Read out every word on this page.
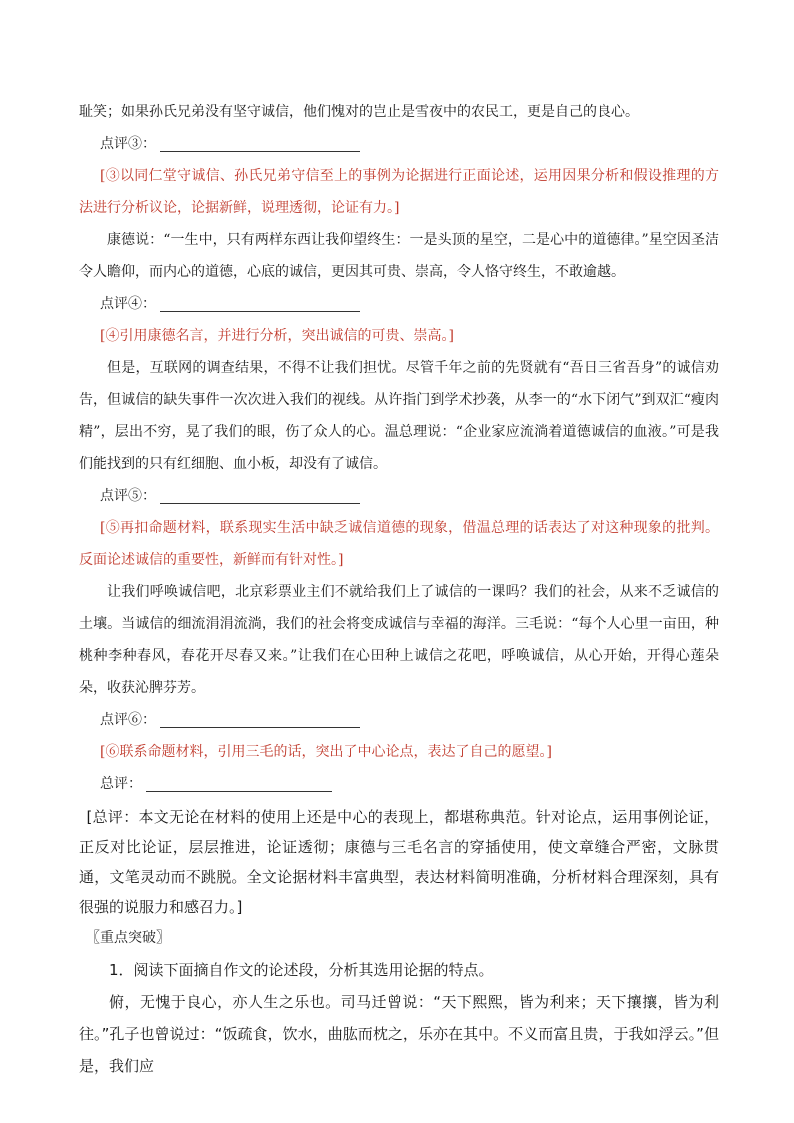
耻笑；如果孙氏兄弟没有坚守诚信，他们愧对的岂止是雪夜中的农民工，更是自己的良心。

点评③：

[③以同仁堂守诚信、孙氏兄弟守信至上的事例为论据进行正面论述，运用因果分析和假设推理的方法进行分析议论，论据新鲜，说理透彻，论证有力。]

康德说：“一生中，只有两样东西让我仰望终生：一是头顶的星空，二是心中的道德律。”星空因圣洁令人瞻仰，而内心的道德，心底的诚信，更因其可贵、崇高，令人恪守终生，不敢逾越。

点评④：

[④引用康德名言，并进行分析，突出诚信的可贵、崇高。]

但是，互联网的调查结果，不得不让我们担忧。尽管千年之前的先贤就有“吾日三省吾身”的诚信劝告，但诚信的缺失事件一次次进入我们的视线。从许指门到学术抄袭，从李一的“水下闭气”到双汇“瘦肉精”，层出不穷，晃了我们的眼，伤了众人的心。温总理说：“企业家应流淌着道德诚信的血液。”可是我们能找到的只有红细胞、血小板，却没有了诚信。

点评⑤：

[⑤再扣命题材料，联系现实生活中缺乏诚信道德的现象，借温总理的话表达了对这种现象的批判。反面论述诚信的重要性，新鲜而有针对性。]

让我们呼唤诚信吧，北京彩票业主们不就给我们上了诚信的一课吗？我们的社会，从来不乏诚信的土壤。当诚信的细流涓涓流淌，我们的社会将变成诚信与幸福的海洋。三毛说：“每个人心里一亩田，种桃种李种春风，春花开尽春又来。”让我们在心田种上诚信之花吧，呼唤诚信，从心开始，开得心莲朵朵，收获沁脾芬芳。

点评⑥：

[⑥联系命题材料，引用三毛的话，突出了中心论点，表达了自己的愿望。]

总评：

[总评：本文无论在材料的使用上还是中心的表现上，都堪称典范。针对论点，运用事例论证，正反对比论证，层层推进，论证透彻；康德与三毛名言的穿插使用，使文章缝合严密，文脉贯通，文笔灵动而不跳脱。全文论据材料丰富典型，表达材料简明准确，分析材料合理深刻，具有很强的说服力和感召力。]

〖重点突破〗

1．阅读下面摘自作文的论述段，分析其选用论据的特点。

俯，无愧于良心，亦人生之乐也。司马迁曾说：“天下熙熙，皆为利来；天下攘攘，皆为利往。”孔子也曾说过：“饭疏食，饮水，曲肱而枕之，乐亦在其中。不义而富且贵，于我如浮云。”但是，我们应
